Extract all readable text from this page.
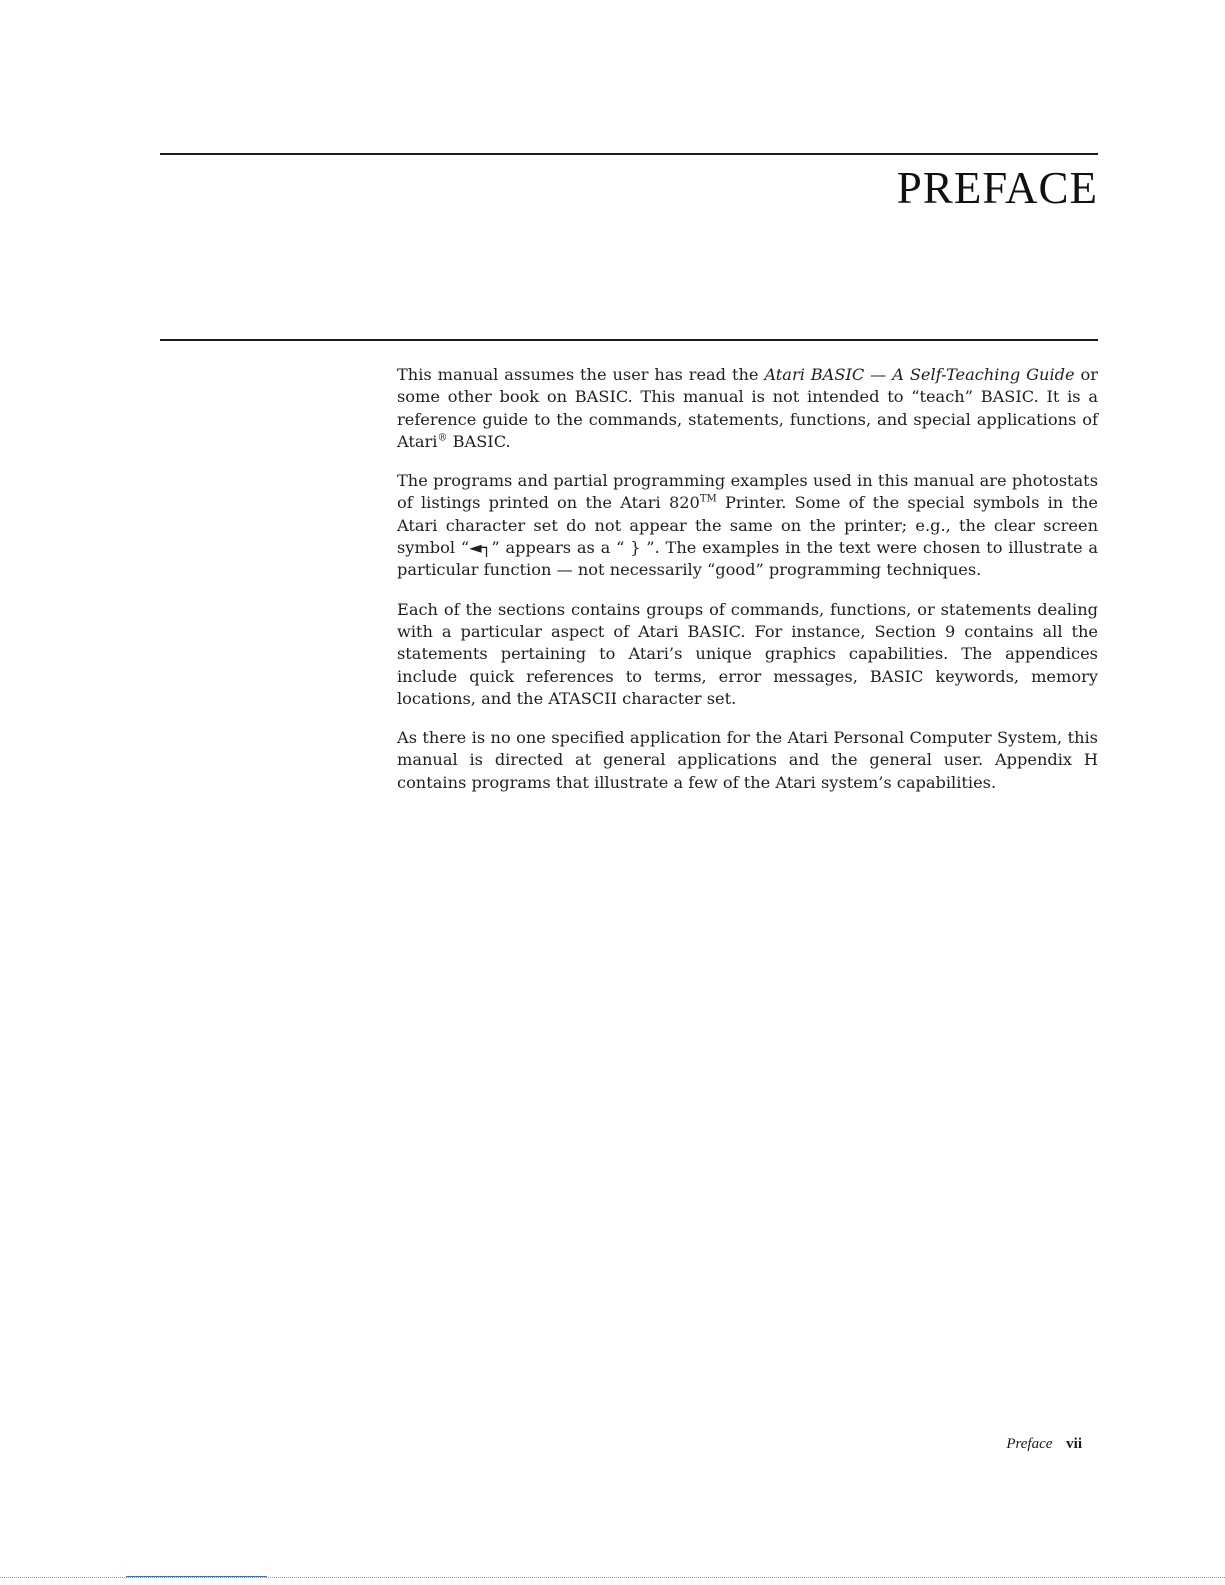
PREFACE

This manual assumes the user has read the Atari BASIC — A Self-Teaching Guide or some other book on BASIC. This manual is not intended to “teach” BASIC. It is a reference guide to the commands, statements, functions, and special applications of Atari® BASIC.

The programs and partial programming examples used in this manual are photostats of listings printed on the Atari 820™ Printer. Some of the special symbols in the Atari character set do not appear the same on the printer; e.g., the clear screen symbol “◄┐” appears as a “ } ”. The examples in the text were chosen to illustrate a particular function — not necessarily “good” programming techniques.

Each of the sections contains groups of commands, functions, or statements dealing with a particular aspect of Atari BASIC. For instance, Section 9 contains all the statements pertaining to Atari’s unique graphics capabilities. The appendices include quick references to terms, error messages, BASIC keywords, memory locations, and the ATASCII character set.

As there is no one specified application for the Atari Personal Computer System, this manual is directed at general applications and the general user. Appendix H contains programs that illustrate a few of the Atari system’s capabilities.

Preface vii
